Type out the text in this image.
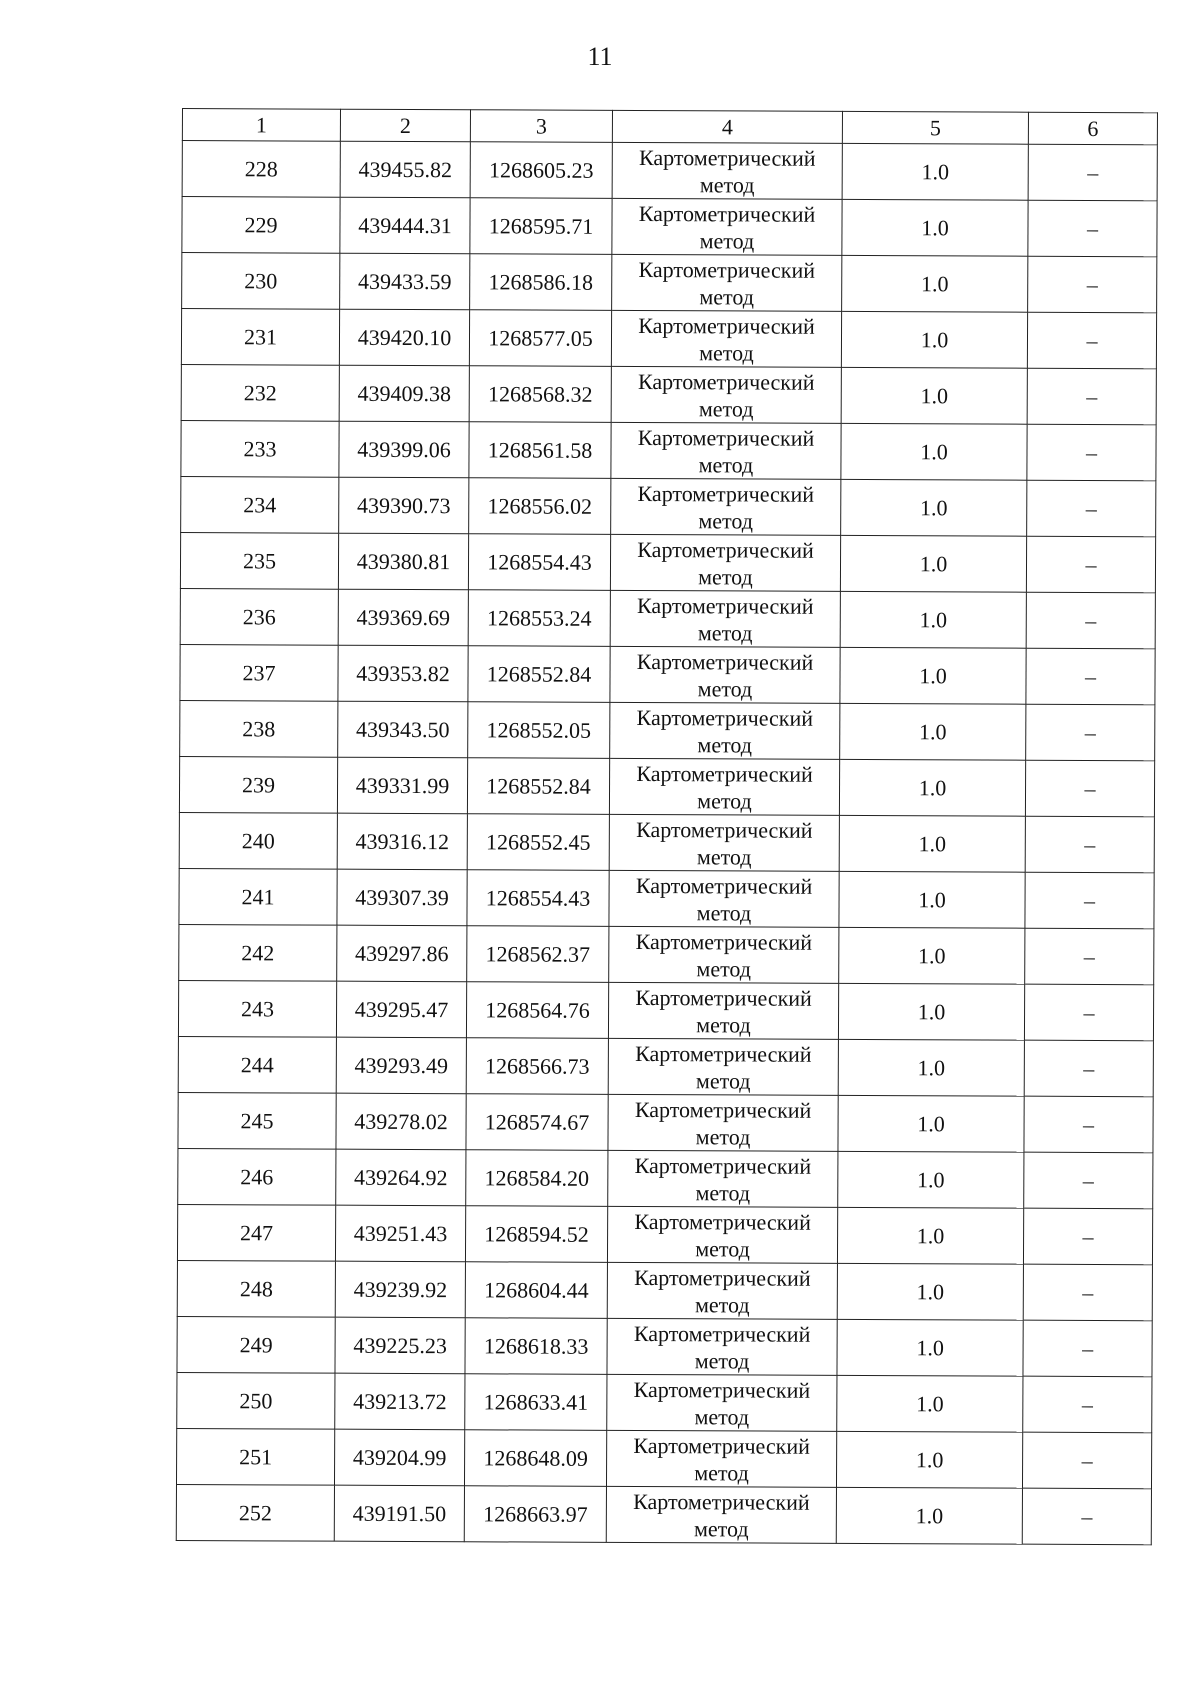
11
1	2	3	4	5	6
228	439455.82	1268605.23	Картометрический метод	1.0	–
229	439444.31	1268595.71	Картометрический метод	1.0	–
230	439433.59	1268586.18	Картометрический метод	1.0	–
231	439420.10	1268577.05	Картометрический метод	1.0	–
232	439409.38	1268568.32	Картометрический метод	1.0	–
233	439399.06	1268561.58	Картометрический метод	1.0	–
234	439390.73	1268556.02	Картометрический метод	1.0	–
235	439380.81	1268554.43	Картометрический метод	1.0	–
236	439369.69	1268553.24	Картометрический метод	1.0	–
237	439353.82	1268552.84	Картометрический метод	1.0	–
238	439343.50	1268552.05	Картометрический метод	1.0	–
239	439331.99	1268552.84	Картометрический метод	1.0	–
240	439316.12	1268552.45	Картометрический метод	1.0	–
241	439307.39	1268554.43	Картометрический метод	1.0	–
242	439297.86	1268562.37	Картометрический метод	1.0	–
243	439295.47	1268564.76	Картометрический метод	1.0	–
244	439293.49	1268566.73	Картометрический метод	1.0	–
245	439278.02	1268574.67	Картометрический метод	1.0	–
246	439264.92	1268584.20	Картометрический метод	1.0	–
247	439251.43	1268594.52	Картометрический метод	1.0	–
248	439239.92	1268604.44	Картометрический метод	1.0	–
249	439225.23	1268618.33	Картометрический метод	1.0	–
250	439213.72	1268633.41	Картометрический метод	1.0	–
251	439204.99	1268648.09	Картометрический метод	1.0	–
252	439191.50	1268663.97	Картометрический метод	1.0	–
